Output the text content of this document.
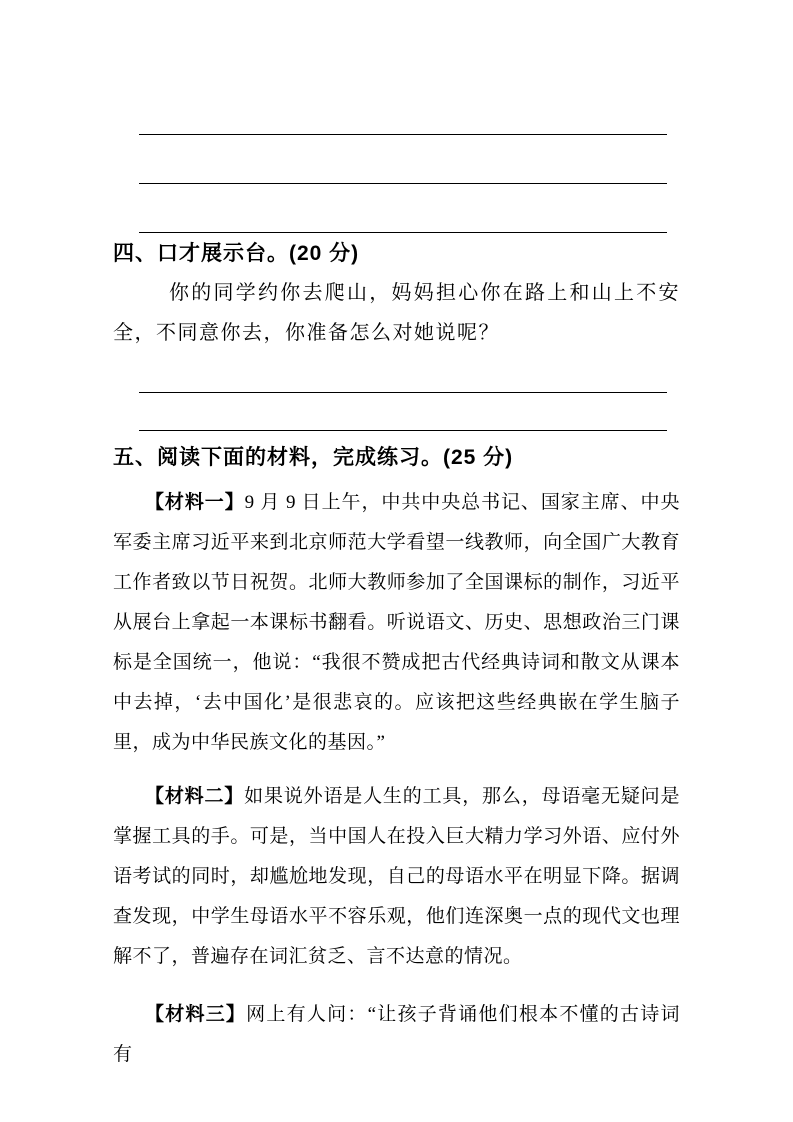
四、口才展示台。(20 分)

你的同学约你去爬山，妈妈担心你在路上和山上不安全，不同意你去，你准备怎么对她说呢？

五、阅读下面的材料，完成练习。(25 分)

【材料一】9 月 9 日上午，中共中央总书记、国家主席、中央军委主席习近平来到北京师范大学看望一线教师，向全国广大教育工作者致以节日祝贺。北师大教师参加了全国课标的制作，习近平从展台上拿起一本课标书翻看。听说语文、历史、思想政治三门课标是全国统一，他说：“我很不赞成把古代经典诗词和散文从课本中去掉，‘去中国化’是很悲哀的。应该把这些经典嵌在学生脑子里，成为中华民族文化的基因。”

【材料二】如果说外语是人生的工具，那么，母语毫无疑问是掌握工具的手。可是，当中国人在投入巨大精力学习外语、应付外语考试的同时，却尴尬地发现，自己的母语水平在明显下降。据调查发现，中学生母语水平不容乐观，他们连深奥一点的现代文也理解不了，普遍存在词汇贫乏、言不达意的情况。

【材料三】网上有人问：“让孩子背诵他们根本不懂的古诗词有
